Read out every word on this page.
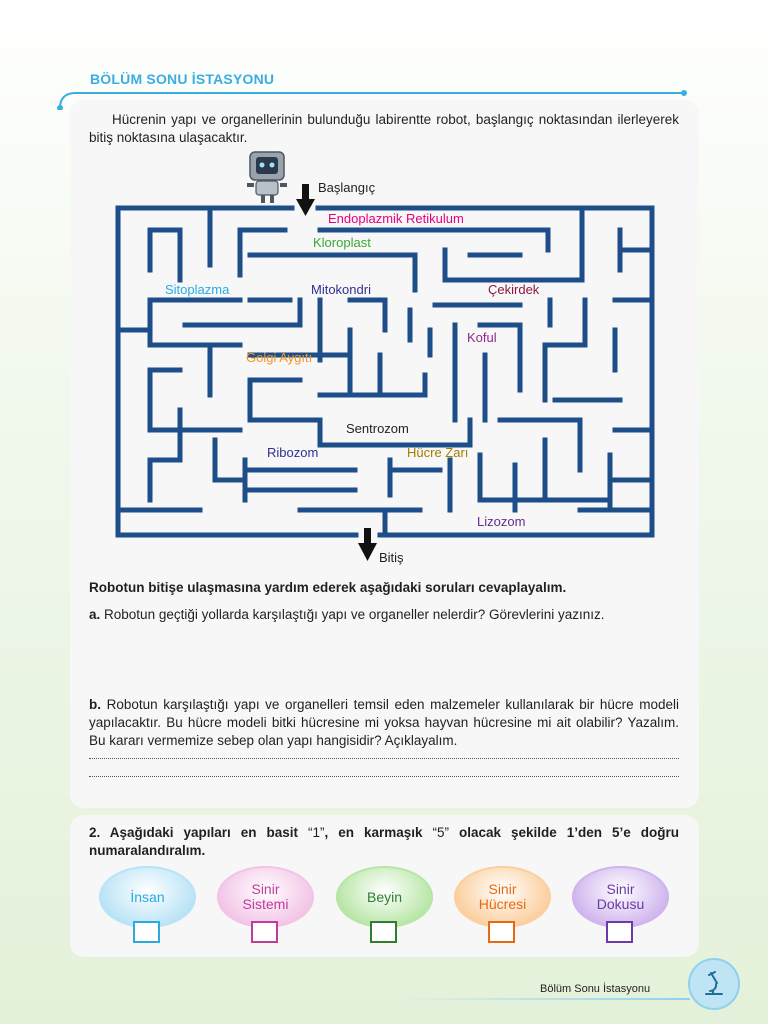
BÖLÜM SONU İSTASYONU
Hücrenin yapı ve organellerinin bulunduğu labirentte robot, başlangıç noktasından ilerleyerek bitiş noktasına ulaşacaktır.
Başlangıç
Bitiş
Endoplazmik Retikulum
Kloroplast
Sitoplazma	Mitokondri	Çekirdek
Koful
Golgi Aygıtı
Sentrozom
Ribozom	Hücre Zarı
Lizozom
Robotun bitişe ulaşmasına yardım ederek aşağıdaki soruları cevaplayalım.
a. Robotun geçtiği yollarda karşılaştığı yapı ve organeller nelerdir? Görevlerini yazınız.
b. Robotun karşılaştığı yapı ve organelleri temsil eden malzemeler kullanılarak bir hücre modeli yapılacaktır. Bu hücre modeli bitki hücresine mi yoksa hayvan hücresine mi ait olabilir? Yazalım. Bu kararı vermemize sebep olan yapı hangisidir? Açıklayalım.
2. Aşağıdaki yapıları en basit “1”, en karmaşık “5” olacak şekilde 1’den 5’e doğru numaralandıralım.
İnsan	Sinir Sistemi	Beyin	Sinir Hücresi
Sinir Dokusu
Bölüm Sonu İstasyonu
